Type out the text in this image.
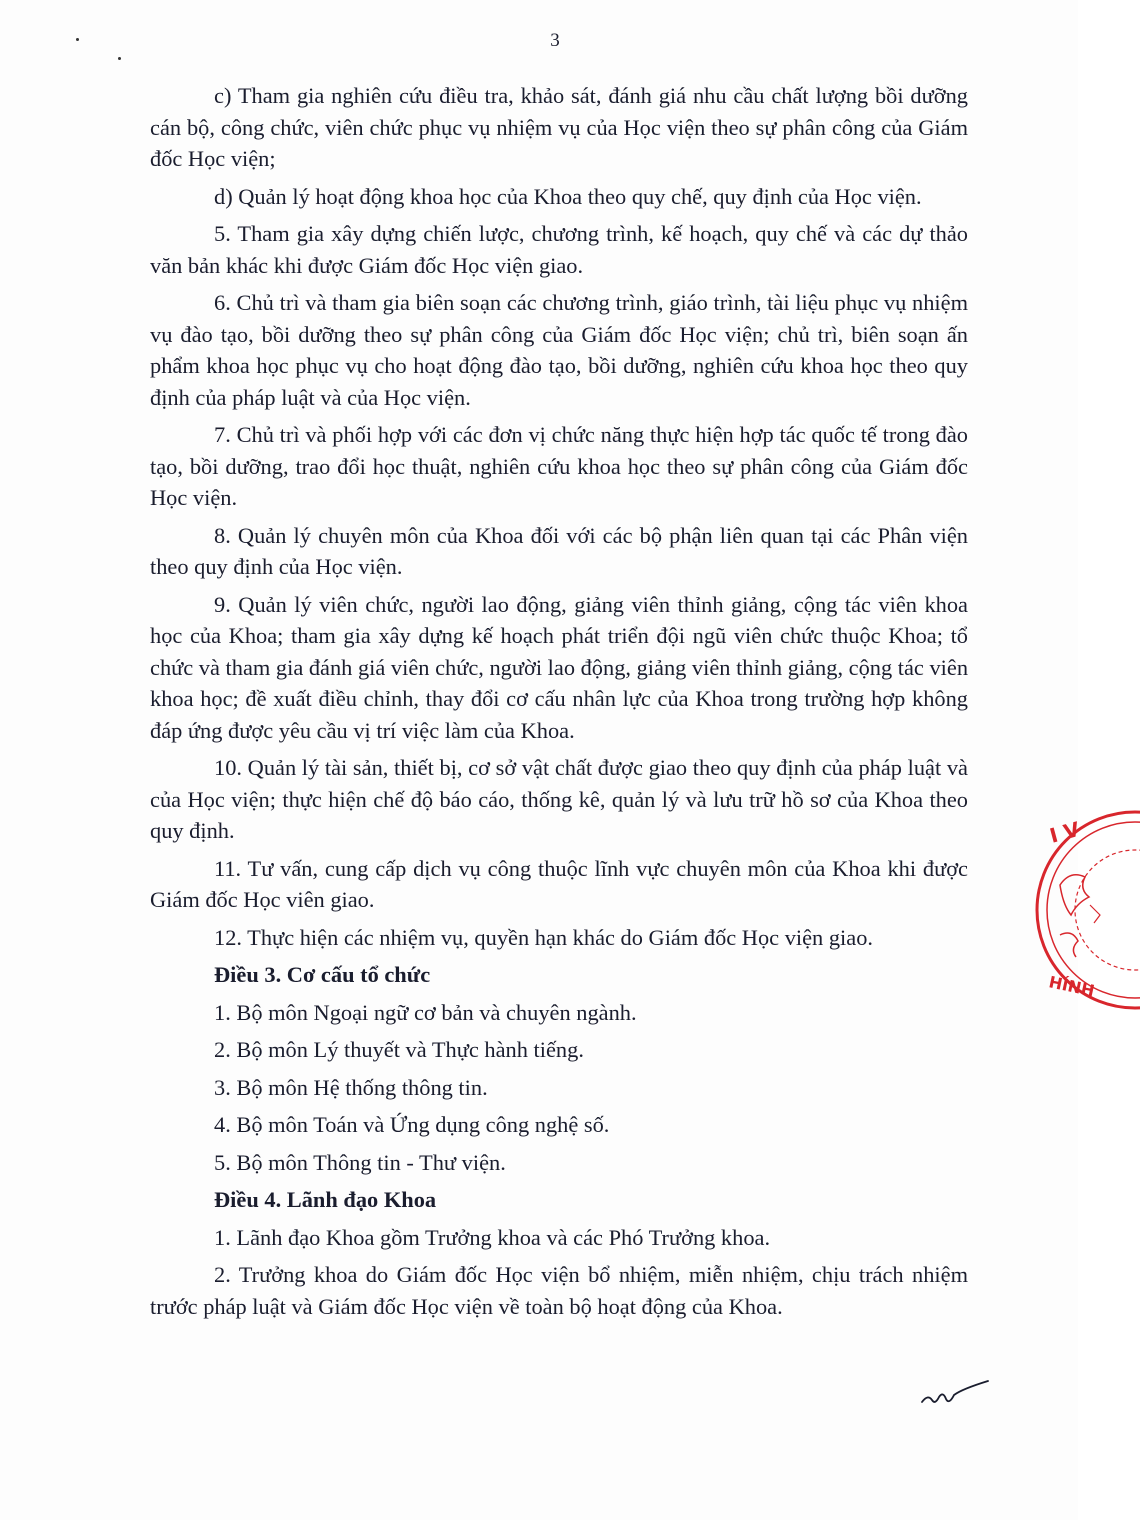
3

c) Tham gia nghiên cứu điều tra, khảo sát, đánh giá nhu cầu chất lượng bồi dưỡng cán bộ, công chức, viên chức phục vụ nhiệm vụ của Học viện theo sự phân công của Giám đốc Học viện;

d) Quản lý hoạt động khoa học của Khoa theo quy chế, quy định của Học viện.

5. Tham gia xây dựng chiến lược, chương trình, kế hoạch, quy chế và các dự thảo văn bản khác khi được Giám đốc Học viện giao.

6. Chủ trì và tham gia biên soạn các chương trình, giáo trình, tài liệu phục vụ nhiệm vụ đào tạo, bồi dưỡng theo sự phân công của Giám đốc Học viện; chủ trì, biên soạn ấn phẩm khoa học phục vụ cho hoạt động đào tạo, bồi dưỡng, nghiên cứu khoa học theo quy định của pháp luật và của Học viện.

7. Chủ trì và phối hợp với các đơn vị chức năng thực hiện hợp tác quốc tế trong đào tạo, bồi dưỡng, trao đổi học thuật, nghiên cứu khoa học theo sự phân công của Giám đốc Học viện.

8. Quản lý chuyên môn của Khoa đối với các bộ phận liên quan tại các Phân viện theo quy định của Học viện.

9. Quản lý viên chức, người lao động, giảng viên thỉnh giảng, cộng tác viên khoa học của Khoa; tham gia xây dựng kế hoạch phát triển đội ngũ viên chức thuộc Khoa; tổ chức và tham gia đánh giá viên chức, người lao động, giảng viên thỉnh giảng, cộng tác viên khoa học; đề xuất điều chỉnh, thay đổi cơ cấu nhân lực của Khoa trong trường hợp không đáp ứng được yêu cầu vị trí việc làm của Khoa.

10. Quản lý tài sản, thiết bị, cơ sở vật chất được giao theo quy định của pháp luật và của Học viện; thực hiện chế độ báo cáo, thống kê, quản lý và lưu trữ hồ sơ của Khoa theo quy định.

11. Tư vấn, cung cấp dịch vụ công thuộc lĩnh vực chuyên môn của Khoa khi được Giám đốc Học viên giao.

12. Thực hiện các nhiệm vụ, quyền hạn khác do Giám đốc Học viện giao.

Điều 3. Cơ cấu tổ chức

1. Bộ môn Ngoại ngữ cơ bản và chuyên ngành.

2. Bộ môn Lý thuyết và Thực hành tiếng.

3. Bộ môn Hệ thống thông tin.

4. Bộ môn Toán và Ứng dụng công nghệ số.

5. Bộ môn Thông tin - Thư viện.

Điều 4. Lãnh đạo Khoa

1. Lãnh đạo Khoa gồm Trưởng khoa và các Phó Trưởng khoa.

2. Trưởng khoa do Giám đốc Học viện bổ nhiệm, miễn nhiệm, chịu trách nhiệm trước pháp luật và Giám đốc Học viện về toàn bộ hoạt động của Khoa.

I V
HÍNH
